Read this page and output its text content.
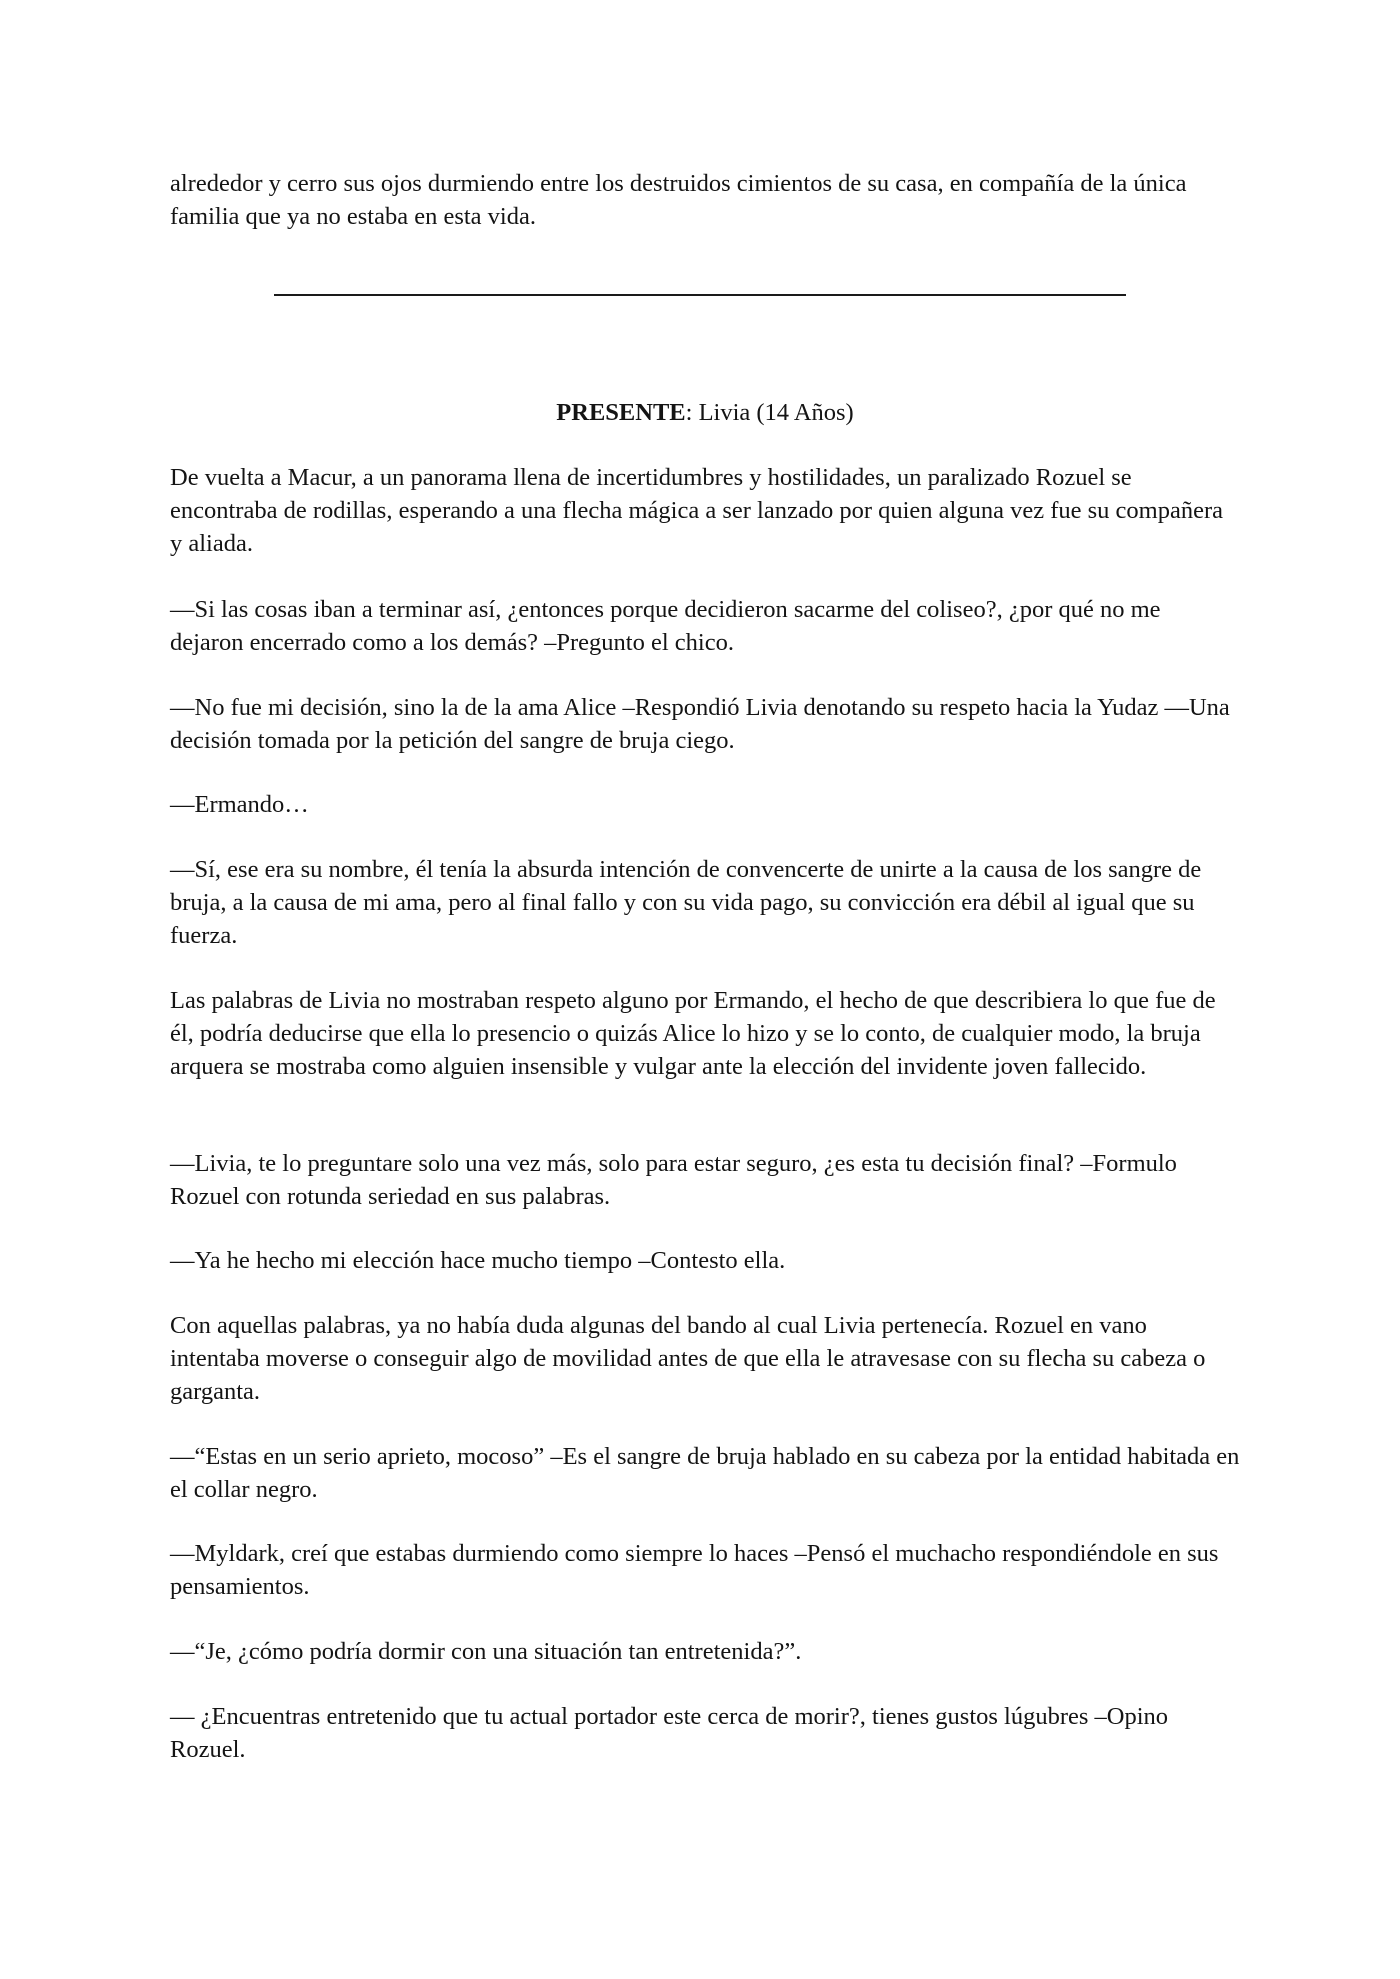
alrededor y cerro sus ojos durmiendo entre los destruidos cimientos de su casa, en compañía de la única familia que ya no estaba en esta vida.

PRESENTE: Livia (14 Años)

De vuelta a Macur, a un panorama llena de incertidumbres y hostilidades, un paralizado Rozuel se encontraba de rodillas, esperando a una flecha mágica a ser lanzado por quien alguna vez fue su compañera y aliada.

—Si las cosas iban a terminar así, ¿entonces porque decidieron sacarme del coliseo?, ¿por qué no me dejaron encerrado como a los demás? –Pregunto el chico.

—No fue mi decisión, sino la de la ama Alice –Respondió Livia denotando su respeto hacia la Yudaz —Una decisión tomada por la petición del sangre de bruja ciego.

—Ermando…

—Sí, ese era su nombre, él tenía la absurda intención de convencerte de unirte a la causa de los sangre de bruja, a la causa de mi ama, pero al final fallo y con su vida pago, su convicción era débil al igual que su fuerza.

Las palabras de Livia no mostraban respeto alguno por Ermando, el hecho de que describiera lo que fue de él, podría deducirse que ella lo presencio o quizás Alice lo hizo y se lo conto, de cualquier modo, la bruja arquera se mostraba como alguien insensible y vulgar ante la elección del invidente joven fallecido.

—Livia, te lo preguntare solo una vez más, solo para estar seguro, ¿es esta tu decisión final? –Formulo Rozuel con rotunda seriedad en sus palabras.

—Ya he hecho mi elección hace mucho tiempo –Contesto ella.

Con aquellas palabras, ya no había duda algunas del bando al cual Livia pertenecía. Rozuel en vano intentaba moverse o conseguir algo de movilidad antes de que ella le atravesase con su flecha su cabeza o garganta.

—“Estas en un serio aprieto, mocoso” –Es el sangre de bruja hablado en su cabeza por la entidad habitada en el collar negro.

—Myldark, creí que estabas durmiendo como siempre lo haces –Pensó el muchacho respondiéndole en sus pensamientos.

—“Je, ¿cómo podría dormir con una situación tan entretenida?”.

— ¿Encuentras entretenido que tu actual portador este cerca de morir?, tienes gustos lúgubres –Opino Rozuel.
